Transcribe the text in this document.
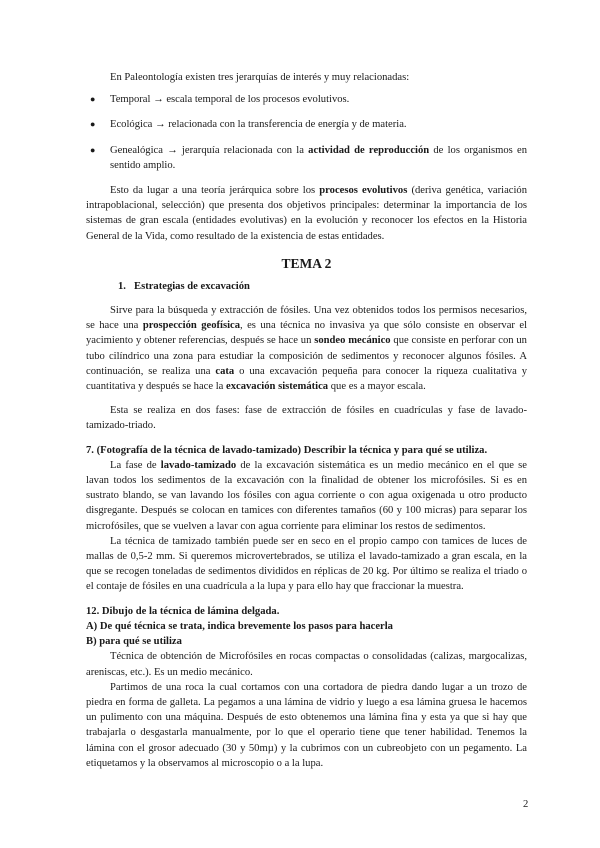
En Paleontología existen tres jerarquías de interés y muy relacionadas:

● Temporal → escala temporal de los procesos evolutivos.

● Ecológica → relacionada con la transferencia de energía y de materia.

● Genealógica → jerarquía relacionada con la actividad de reproducción de los organismos en sentido amplio.

Esto da lugar a una teoría jerárquica sobre los procesos evolutivos (deriva genética, variación intrapoblacional, selección) que presenta dos objetivos principales: determinar la importancia de los sistemas de gran escala (entidades evolutivas) en la evolución y reconocer los efectos en la Historia General de la Vida, como resultado de la existencia de estas entidades.

TEMA 2

1. Estrategias de excavación

Sirve para la búsqueda y extracción de fósiles. Una vez obtenidos todos los permisos necesarios, se hace una prospección geofísica, es una técnica no invasiva ya que sólo consiste en observar el yacimiento y obtener referencias, después se hace un sondeo mecánico que consiste en perforar con un tubo cilíndrico una zona para estudiar la composición de sedimentos y reconocer algunos fósiles. A continuación, se realiza una cata o una excavación pequeña para conocer la riqueza cualitativa y cuantitativa y después se hace la excavación sistemática que es a mayor escala.

Esta se realiza en dos fases: fase de extracción de fósiles en cuadrículas y fase de lavado-tamizado-triado.

7. (Fotografía de la técnica de lavado-tamizado) Describir la técnica y para qué se utiliza.

La fase de lavado-tamizado de la excavación sistemática es un medio mecánico en el que se lavan todos los sedimentos de la excavación con la finalidad de obtener los microfósiles. Si es en sustrato blando, se van lavando los fósiles con agua corriente o con agua oxigenada u otro producto disgregante. Después se colocan en tamices con diferentes tamaños (60 y 100 micras) para separar los microfósiles, que se vuelven a lavar con agua corriente para eliminar los restos de sedimentos.

La técnica de tamizado también puede ser en seco en el propio campo con tamices de luces de mallas de 0,5-2 mm. Si queremos microvertebrados, se utiliza el lavado-tamizado a gran escala, en la que se recogen toneladas de sedimentos divididos en réplicas de 20 kg. Por último se realiza el triado o el contaje de fósiles en una cuadrícula a la lupa y para ello hay que fraccionar la muestra.

12. Dibujo de la técnica de lámina delgada.

A) De qué técnica se trata, indica brevemente los pasos para hacerla

B) para qué se utiliza

Técnica de obtención de Microfósiles en rocas compactas o consolidadas (calizas, margocalizas, areniscas, etc.). Es un medio mecánico.

Partimos de una roca la cual cortamos con una cortadora de piedra dando lugar a un trozo de piedra en forma de galleta. La pegamos a una lámina de vidrio y luego a esa lámina gruesa le hacemos un pulimento con una máquina. Después de esto obtenemos una lámina fina y esta ya que si hay que trabajarla o desgastarla manualmente, por lo que el operario tiene que tener habilidad. Tenemos la lámina con el grosor adecuado (30 y 50mµ) y la cubrimos con un cubreobjeto con un pegamento. La etiquetamos y la observamos al microscopio o a la lupa.

2
